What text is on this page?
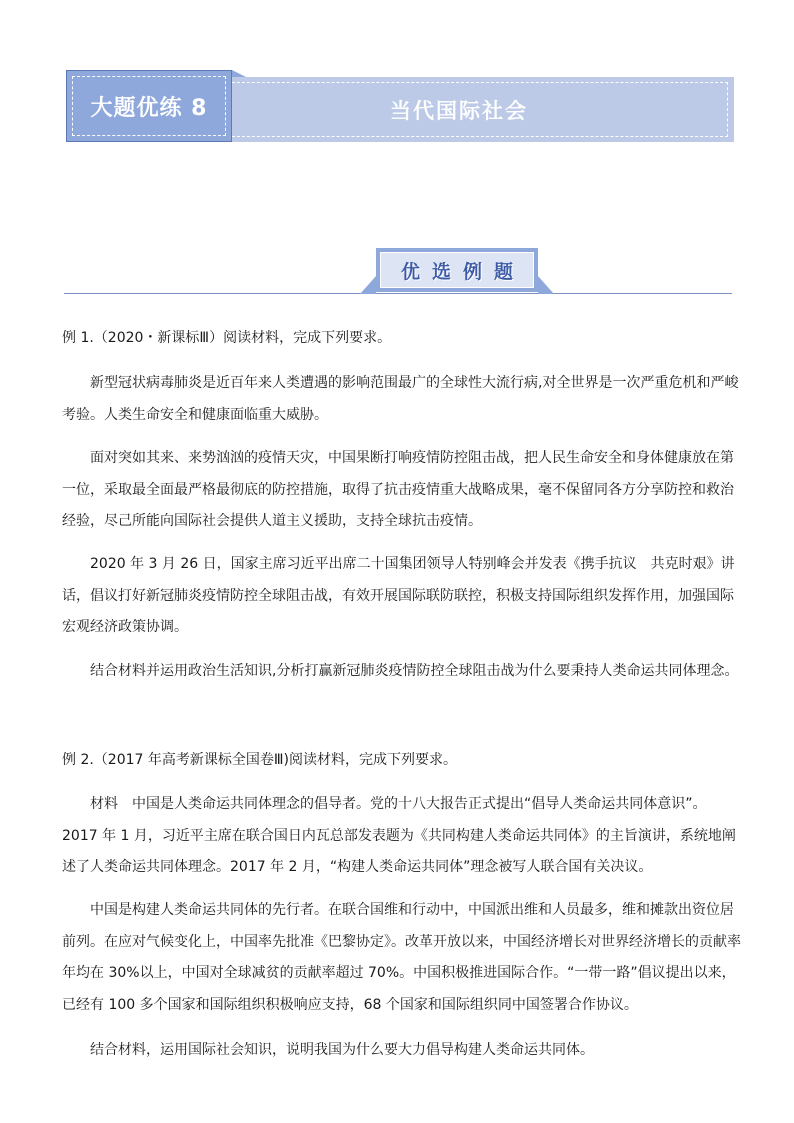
当代国际社会
大题优练 8
优 选 例 题
例 1.（2020・新课标Ⅲ）阅读材料，完成下列要求。
新型冠状病毒肺炎是近百年来人类遭遇的影响范围最广的全球性大流行病,对全世界是一次严重危机和严峻考验。人类生命安全和健康面临重大威胁。
面对突如其来、来势汹汹的疫情天灾，中国果断打响疫情防控阻击战，把人民生命安全和身体健康放在第一位，采取最全面最严格最彻底的防控措施，取得了抗击疫情重大战略成果，毫不保留同各方分享防控和救治经验，尽己所能向国际社会提供人道主义援助，支持全球抗击疫情。
2020 年 3 月 26 日，国家主席习近平出席二十国集团领导人特别峰会并发表《携手抗议　共克时艰》讲话，倡议打好新冠肺炎疫情防控全球阻击战，有效开展国际联防联控，积极支持国际组织发挥作用，加强国际宏观经济政策协调。
结合材料并运用政治生活知识,分析打赢新冠肺炎疫情防控全球阻击战为什么要秉持人类命运共同体理念。
例 2.（2017 年高考新课标全国卷Ⅲ)阅读材料，完成下列要求。
材料　中国是人类命运共同体理念的倡导者。党的十八大报告正式提出“倡导人类命运共同体意识”。2017 年 1 月，习近平主席在联合国日内瓦总部发表题为《共同构建人类命运共同体》的主旨演讲，系统地阐述了人类命运共同体理念。2017 年 2 月，“构建人类命运共同体”理念被写人联合国有关决议。
中国是构建人类命运共同体的先行者。在联合国维和行动中，中国派出维和人员最多，维和摊款出资位居前列。在应对气候变化上，中国率先批准《巴黎协定》。改革开放以来，中国经济增长对世界经济增长的贡献率年均在 30%以上，中国对全球减贫的贡献率超过 70%。中国积极推进国际合作。“一带一路”倡议提出以来，已经有 100 多个国家和国际组织积极响应支持，68 个国家和国际组织同中国签署合作协议。
结合材料，运用国际社会知识，说明我国为什么要大力倡导构建人类命运共同体。
